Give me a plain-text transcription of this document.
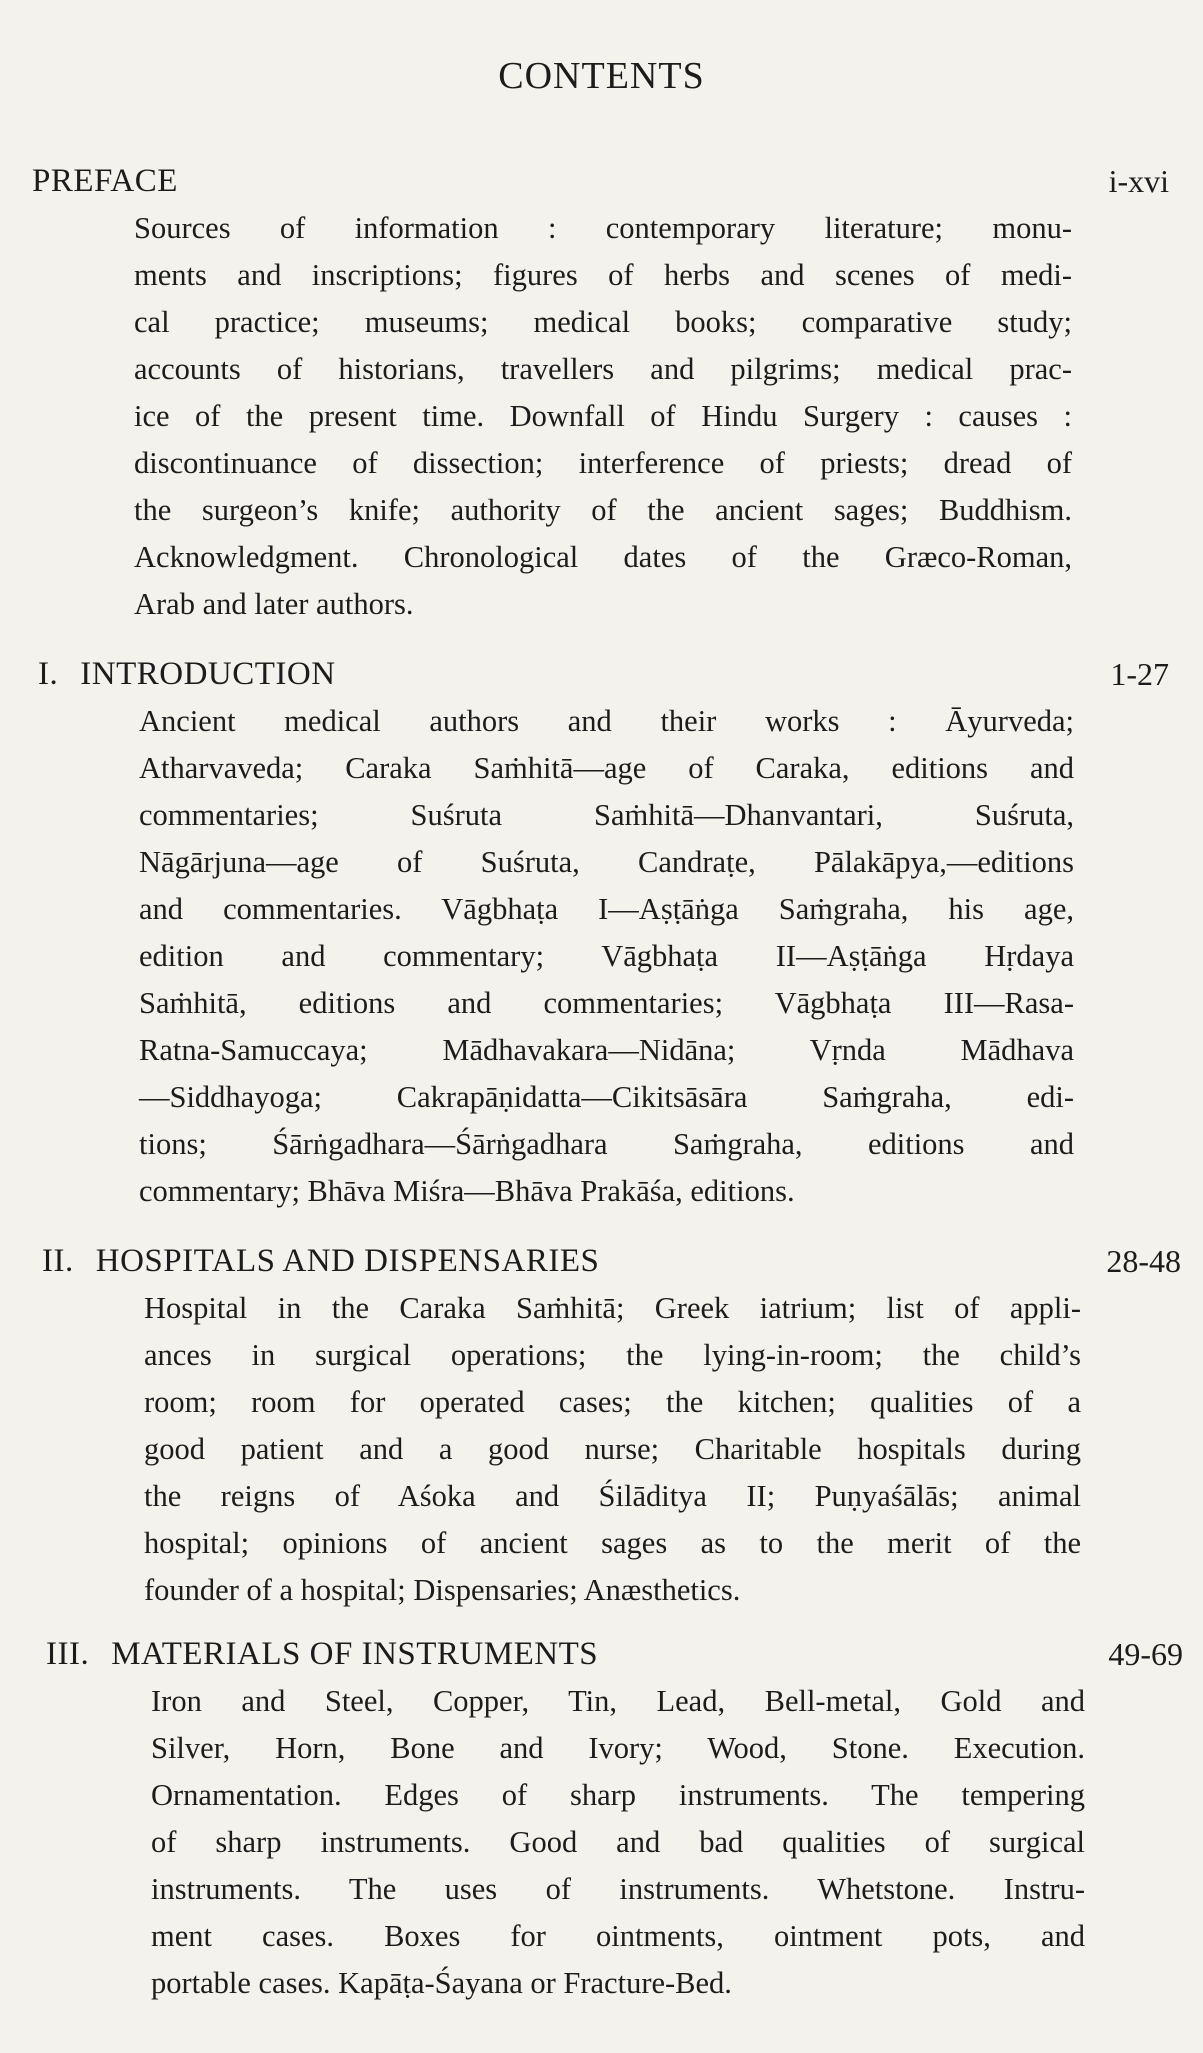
CONTENTS
PREFACE	i-xvi
Sources of information : contemporary literature; monu-
ments and inscriptions; figures of herbs and scenes of medi-
cal practice; museums; medical books; comparative study;
accounts of historians, travellers and pilgrims; medical prac-
ice of the present time. Downfall of Hindu Surgery : causes :
discontinuance of dissection; interference of priests; dread of
the surgeon’s knife; authority of the ancient sages; Buddhism.
Acknowledgment. Chronological dates of the Græco-Roman,
Arab and later authors.
I. INTRODUCTION	1-27
Ancient medical authors and their works : Āyurveda;
Atharvaveda; Caraka Saṁhitā—age of Caraka, editions and
commentaries; Suśruta Saṁhitā—Dhanvantari, Suśruta,
Nāgārjuna—age of Suśruta, Candraṭe, Pālakāpya,—editions
and commentaries. Vāgbhaṭa I—Aṣṭāṅga Saṁgraha, his age,
edition and commentary; Vāgbhaṭa II—Aṣṭāṅga Hṛdaya
Saṁhitā, editions and commentaries; Vāgbhaṭa III—Rasa-
Ratna-Samuccaya; Mādhavakara—Nidāna; Vṛnda Mādhava
—Siddhayoga; Cakrapāṇidatta—Cikitsāsāra Saṁgraha, edi-
tions; Śārṅgadhara—Śārṅgadhara Saṁgraha, editions and
commentary; Bhāva Miśra—Bhāva Prakāśa, editions.
II. HOSPITALS AND DISPENSARIES	28-48
Hospital in the Caraka Saṁhitā; Greek iatrium; list of appli-
ances in surgical operations; the lying-in-room; the child’s
room; room for operated cases; the kitchen; qualities of a
good patient and a good nurse; Charitable hospitals during
the reigns of Aśoka and Śilāditya II; Puṇyaśālās; animal
hospital; opinions of ancient sages as to the merit of the
founder of a hospital; Dispensaries; Anæsthetics.
III. MATERIALS OF INSTRUMENTS	49-69
Iron and Steel, Copper, Tin, Lead, Bell-metal, Gold and
Silver, Horn, Bone and Ivory; Wood, Stone. Execution.
Ornamentation. Edges of sharp instruments. The tempering
of sharp instruments. Good and bad qualities of surgical
instruments. The uses of instruments. Whetstone. Instru-
ment cases. Boxes for ointments, ointment pots, and
portable cases. Kapāṭa-Śayana or Fracture-Bed.
